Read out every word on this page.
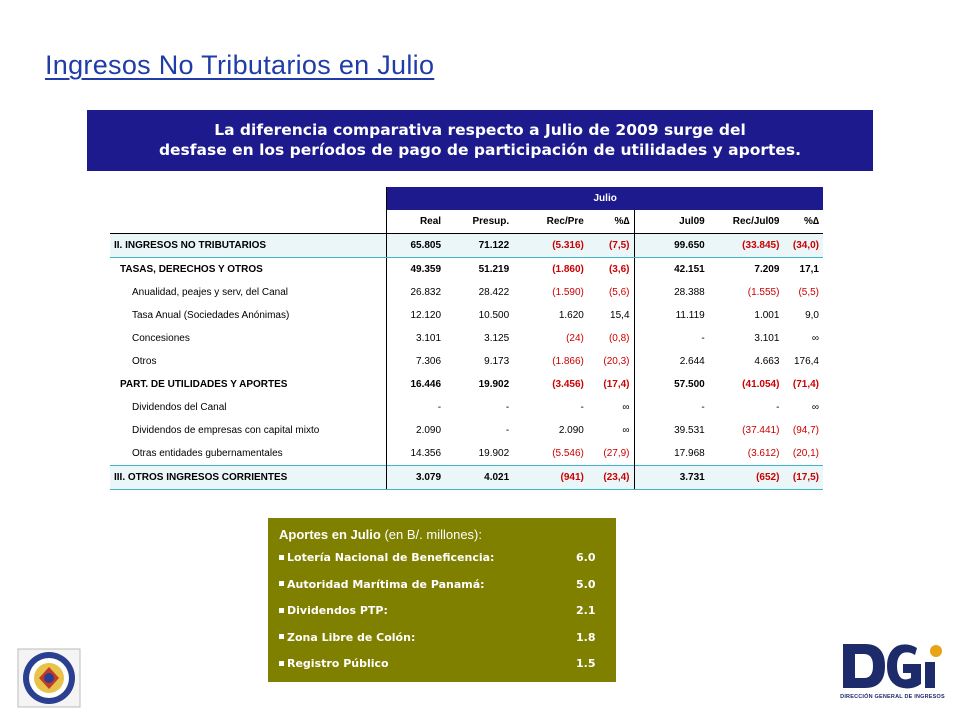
Ingresos No Tributarios en Julio
La diferencia comparativa respecto a Julio de 2009 surge del
desfase en los períodos de pago de participación de utilidades y aportes.
	Julio						
	Real	Presup.	Rec/Pre	%∆	Jul09	Rec/Jul09	%∆
II. INGRESOS NO TRIBUTARIOS	65.805	71.122	(5.316)	(7,5)	99.650	(33.845)	(34,0)
TASAS, DERECHOS Y OTROS	49.359	51.219	(1.860)	(3,6)	42.151	7.209	17,1
Anualidad, peajes y serv, del Canal	26.832	28.422	(1.590)	(5,6)	28.388	(1.555)	(5,5)
Tasa Anual (Sociedades Anónimas)	12.120	10.500	1.620	15,4	11.119	1.001	9,0
Concesiones	3.101	3.125	(24)	(0,8)	-	3.101	∞
Otros	7.306	9.173	(1.866)	(20,3)	2.644	4.663	176,4
PART. DE UTILIDADES Y APORTES	16.446	19.902	(3.456)	(17,4)	57.500	(41.054)	(71,4)
Dividendos del Canal	-	-	-	∞	-	-	∞
Dividendos de empresas con capital mixto	2.090	-	2.090	∞	39.531	(37.441)	(94,7)
Otras entidades gubernamentales	14.356	19.902	(5.546)	(27,9)	17.968	(3.612)	(20,1)
III. OTROS INGRESOS CORRIENTES	3.079	4.021	(941)	(23,4)	3.731	(652)	(17,5)
Aportes en Julio (en B/. millones):
Lotería Nacional de Beneficencia:	6.0
Autoridad Marítima de Panamá:	5.0
Dividendos PTP:	2.1
Zona Libre de Colón:	1.8
Registro Público	1.5
DIRECCIÓN GENERAL DE INGRESOS
